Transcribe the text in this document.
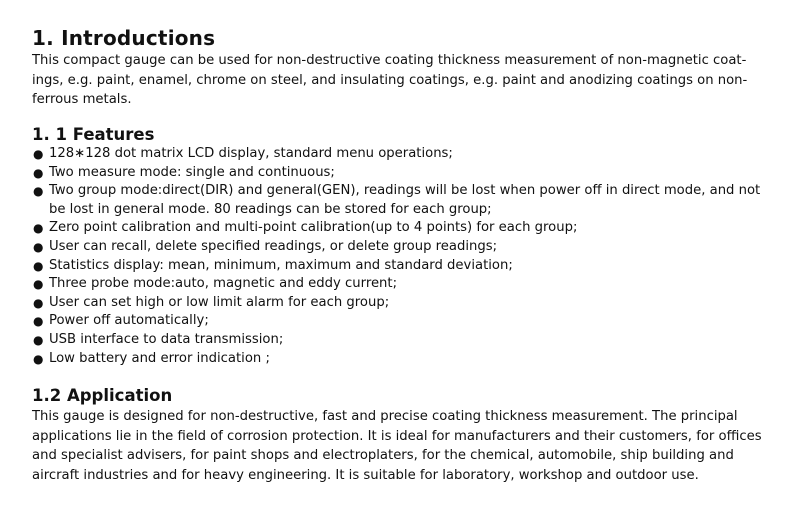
1. Introductions
This compact gauge can be used for non-destructive coating thickness measurement of non-magnetic coat-
ings, e.g. paint, enamel, chrome on steel, and insulating coatings, e.g. paint and anodizing coatings on non-
ferrous metals.
1. 1 Features
● 128∗128 dot matrix LCD display, standard menu operations;
● Two measure mode: single and continuous;
● Two group mode:direct(DIR) and general(GEN), readings will be lost when power off in direct mode, and not
be lost in general mode. 80 readings can be stored for each group;
● Zero point calibration and multi-point calibration(up to 4 points) for each group;
● User can recall, delete specified readings, or delete group readings;
● Statistics display: mean, minimum, maximum and standard deviation;
● Three probe mode:auto, magnetic and eddy current;
● User can set high or low limit alarm for each group;
● Power off automatically;
● USB interface to data transmission;
● Low battery and error indication ;
1.2 Application
This gauge is designed for non-destructive, fast and precise coating thickness measurement. The principal
applications lie in the field of corrosion protection. It is ideal for manufacturers and their customers, for offices
and specialist advisers, for paint shops and electroplaters, for the chemical, automobile, ship building and
aircraft industries and for heavy engineering. It is suitable for laboratory, workshop and outdoor use.
